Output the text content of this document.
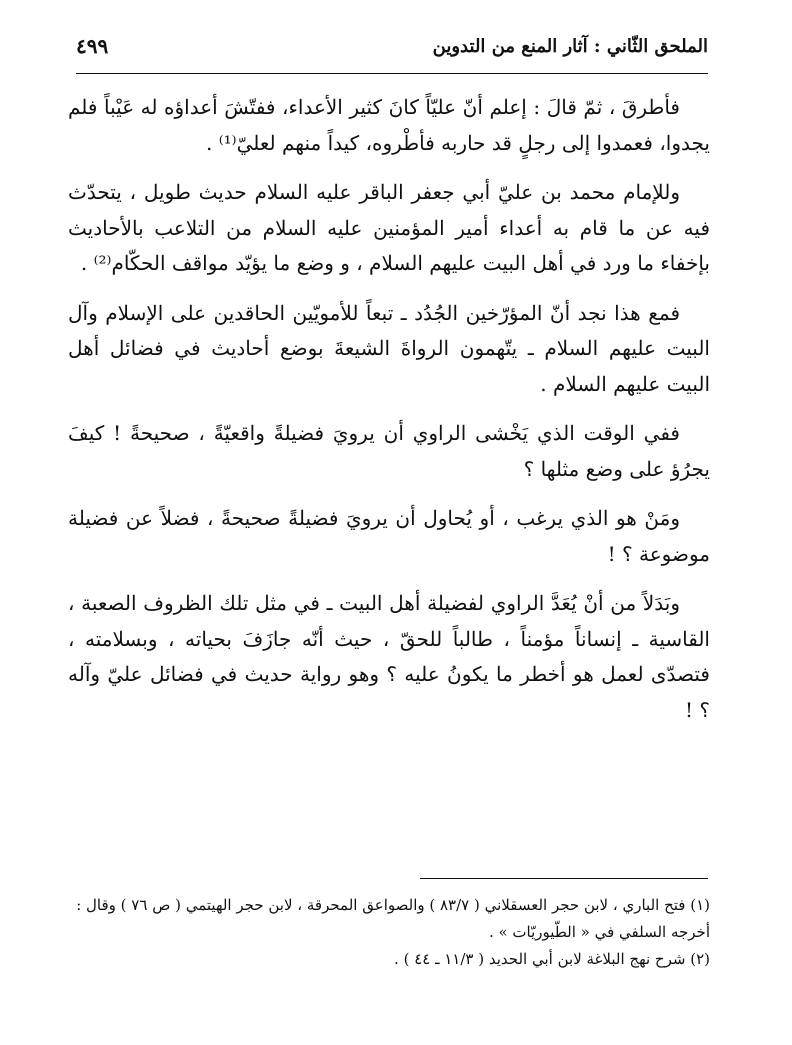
الملحق الثّاني : آثار المنع من التدوين
٤٩٩

فأطرقَ ، ثمّ قالَ : إعلم أنّ عليّاً كانَ كثير الأعداء، ففتّشَ أعداؤه له عَيْباً فلم يجدوا، فعمدوا إلى رجلٍ قد حاربه فأطْروه، كيداً منهم لعليّ⁽¹⁾ .

وللإمام محمد بن عليّ أبي جعفر الباقر عليه السلام حديث طويل ، يتحدّث فيه عن ما قام به أعداء أمير المؤمنين عليه السلام من التلاعب بالأحاديث بإخفاء ما ورد في أهل البيت عليهم السلام ، و وضع ما يؤيّد مواقف الحكّام⁽²⁾ .

فمع هذا نجد أنّ المؤرّخين الجُدُد ـ تبعاً للأمويّين الحاقدين على الإسلام وآل البيت عليهم السلام ـ يتّهمون الرواةَ الشيعةَ بوضع أحاديث في فضائل أهل البيت عليهم السلام .

ففي الوقت الذي يَخْشى الراوي أن يرويَ فضيلةً واقعيّةً ، صحيحةً ! كيفَ يجرُؤ على وضع مثلها ؟

ومَنْ هو الذي يرغب ، أو يُحاول أن يرويَ فضيلةً صحيحةً ، فضلاً عن فضيلة موضوعة ؟ !

وبَدَلاً من أنْ يُعَدَّ الراوي لفضيلة أهل البيت ـ في مثل تلك الظروف الصعبة ، القاسية ـ إنساناً مؤمناً ، طالباً للحقّ ، حيث أنّه جازَفَ بحياته ، وبسلامته ، فتصدّى لعمل هو أخطر ما يكونُ عليه ؟ وهو رواية حديث في فضائل عليّ وآله ؟ !

(١) فتح الباري ، لابن حجر العسقلاني ( ٨٣/٧ ) والصواعق المحرقة ، لابن حجر الهيتمي ( ص ٧٦ ) وقال : أخرجه السلفي في « الطّيوريّات » .

(٢) شرح نهج البلاغة لابن أبي الحديد ( ١١/٣ ـ ٤٤ ) .
